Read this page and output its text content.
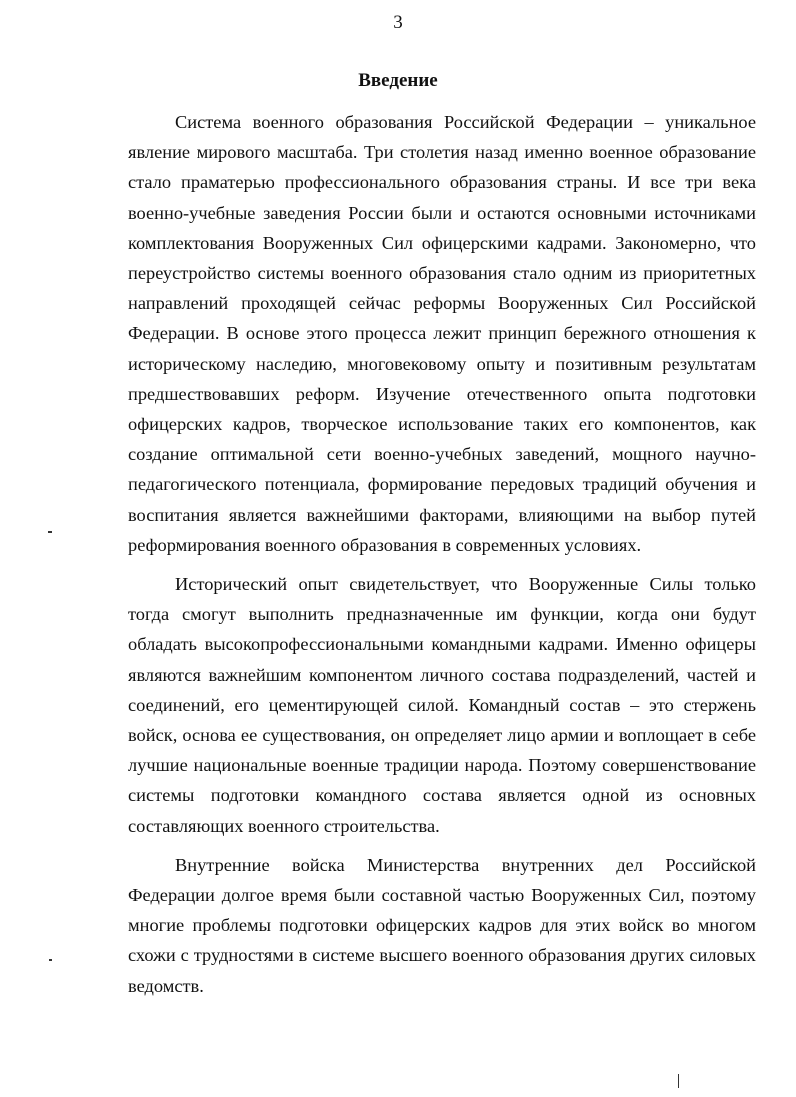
3
Введение

Система военного образования Российской Федерации – уникальное явление мирового масштаба. Три столетия назад именно военное образование стало праматерью профессионального образования страны. И все три века военно-учебные заведения России были и остаются основными источниками комплектования Вооруженных Сил офицерскими кадрами. Закономерно, что переустройство системы военного образования стало одним из приоритетных направлений проходящей сейчас реформы Вооруженных Сил Российской Федерации. В основе этого процесса лежит принцип бережного отношения к историческому наследию, многовековому опыту и позитивным результатам предшествовавших реформ. Изучение отечественного опыта подготовки офицерских кадров, творческое использование таких его компонентов, как создание оптимальной сети военно-учебных заведений, мощного научно-педагогического потенциала, формирование передовых традиций обучения и воспитания является важнейшими факторами, влияющими на выбор путей реформирования военного образования в современных условиях.

Исторический опыт свидетельствует, что Вооруженные Силы только тогда смогут выполнить предназначенные им функции, когда они будут обладать высокопрофессиональными командными кадрами. Именно офицеры являются важнейшим компонентом личного состава подразделений, частей и соединений, его цементирующей силой. Командный состав – это стержень войск, основа ее существования, он определяет лицо армии и воплощает в себе лучшие национальные военные традиции народа. Поэтому совершенствование системы подготовки командного состава является одной из основных составляющих военного строительства.

Внутренние войска Министерства внутренних дел Российской Федерации долгое время были составной частью Вооруженных Сил, поэтому многие проблемы подготовки офицерских кадров для этих войск во многом схожи с трудностями в системе высшего военного образования других силовых ведомств.
